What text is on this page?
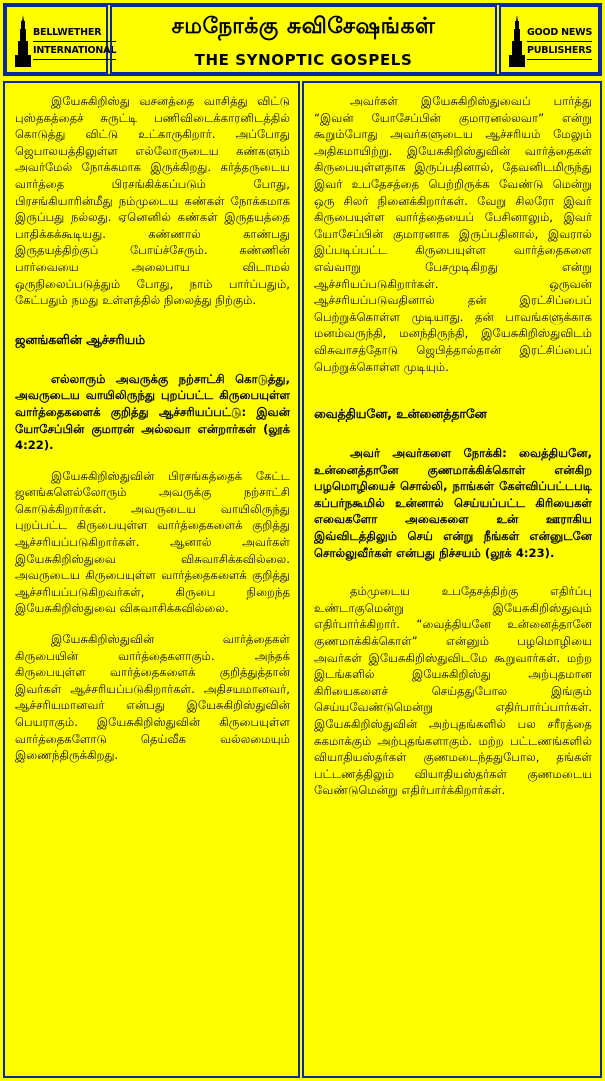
BELLWETHER
INTERNATIONAL
சமநோக்கு சுவிசேஷங்கள்
THE SYNOPTIC GOSPELS
GOOD NEWS
PUBLISHERS

இயேசுகிறிஸ்து வசனத்தை வாசித்து விட்டு புஸ்தகத்தைச் சுருட்டி பணிவிடைக்காரனிடத்தில் கொடுத்து விட்டு உட்காருகிறார். அப்போது ஜெபாலயத்திலுள்ள எல்லோருடைய கண்களும் அவர்மேல் நோக்கமாக இருக்கிறது. கர்த்தருடைய வார்த்தை பிரசங்கிக்கப்படும் போது, பிரசங்கியாரின்மீது நம்முடைய கண்கள் நோக்கமாக இருப்பது நல்லது. ஏனெனில் கண்கள் இருதயத்தை பாதிக்கக்கூடியது. கண்ணால் காண்பது இருதயத்திற்குப் போய்ச்சேரும். கண்ணின் பார்வையை அலைபாய விடாமல் ஒருநிலைப்படுத்தும் போது, நாம் பார்ப்பதும், கேட்பதும் நமது உள்ளத்தில் நிலைத்து நிற்கும்.

ஜனங்களின் ஆச்சரியம்

எல்லாரும் அவருக்கு நற்சாட்சி கொடுத்து, அவருடைய வாயிலிருந்து புறப்பட்ட கிருபையுள்ள வார்த்தைகளைக் குறித்து ஆச்சரியப்பட்டு: இவன் யோசேப்பின் குமாரன் அல்லவா என்றார்கள் (லூக் 4:22).

இயேசுகிறிஸ்துவின் பிரசங்கத்தைக் கேட்ட ஜனங்களெல்லோரும் அவருக்கு நற்சாட்சி கொடுக்கிறார்கள். அவருடைய வாயிலிருந்து புறப்பட்ட கிருபையுள்ள வார்த்தைகளைக் குறித்து ஆச்சரியப்படுகிறார்கள். ஆனால் அவர்கள் இயேசுகிறிஸ்துவை விசுவாசிக்கவில்லை. அவருடைய கிருபையுள்ள வார்த்தைகளைக் குறித்து ஆச்சரியப்படுகிறவர்கள், கிருபை நிறைந்த இயேசுகிறிஸ்துவை விசுவாசிக்கவில்லை.

இயேசுகிறிஸ்துவின் வார்த்தைகள் கிருபையின் வார்த்தைகளாகும். அந்தக் கிருபையுள்ள வார்த்தைகளைக் குறித்துத்தான் இவர்கள் ஆச்சரியப்படுகிறார்கள். அதிசயமானவர், ஆச்சரியமானவர் என்பது இயேசுகிறிஸ்துவின் பெயராகும். இயேசுகிறிஸ்துவின் கிருபையுள்ள வார்த்தைகளோடு தெய்வீக வல்லமையும் இணைந்திருக்கிறது.

அவர்கள் இயேசுகிறிஸ்துவைப் பார்த்து “இவன் யோசேப்பின் குமாரனல்லவா” என்று கூறும்போது அவர்களுடைய ஆச்சரியம் மேலும் அதிகமாயிற்று. இயேசுகிறிஸ்துவின் வார்த்தைகள் கிருபையுள்ளதாக இருப்பதினால், தேவனிடமிருந்து இவர் உபதேசத்தை பெற்றிருக்க வேண்டு மென்று ஒரு சிலர் நினைக்கிறார்கள். வேறு சிலரோ இவர் கிருபையுள்ள வார்த்தையைப் பேசினாலும், இவர் யோசேப்பின் குமாரனாக இருப்பதினால், இவரால் இப்படிப்பட்ட கிருபையுள்ள வார்த்தைகளை எவ்வாறு பேசமுடிகிறது என்று ஆச்சரியப்படுகிறார்கள். ஒருவன் ஆச்சரியப்படுவதினால் தன் இரட்சிப்பைப் பெற்றுக்கொள்ள முடியாது. தன் பாவங்களுக்காக மனம்வருந்தி, மனந்திருந்தி, இயேசுகிறிஸ்துவிடம் விசுவாசத்தோடு ஜெபித்தால்தான் இரட்சிப்பைப் பெற்றுக்கொள்ள முடியும்.

வைத்தியனே, உன்னைத்தானே

அவர் அவர்களை நோக்கி: வைத்தியனே, உன்னைத்தானே குணமாக்கிக்கொள் என்கிற பழமொழியைச் சொல்லி, நாங்கள் கேள்விப்பட்டபடி கப்பர்நகூமில் உன்னால் செய்யப்பட்ட கிரியைகள் எவைகளோ அவைகளை உன் ஊராகிய இவ்விடத்திலும் செய் என்று நீங்கள் என்னுடனே சொல்லுவீர்கள் என்பது நிச்சயம் (லூக் 4:23).

தம்முடைய உபதேசத்திற்கு எதிர்ப்பு உண்டாகுமென்று இயேசுகிறிஸ்துவும் எதிர்பார்க்கிறார். “வைத்தியனே உன்னைத்தானே குணமாக்கிக்கொள்” என்னும் பழமொழியை அவர்கள் இயேசுகிறிஸ்துவிடமே கூறுவார்கள். மற்ற இடங்களில் இயேசுகிறிஸ்து அற்புதமான கிரியைகளைச் செய்ததுபோல இங்கும் செய்யவேண்டுமென்று எதிர்பார்ப்பார்கள். இயேசுகிறிஸ்துவின் அற்புதங்களில் பல சரீரத்தை சுகமாக்கும் அற்புதங்களாகும். மற்ற பட்டணங்களில் வியாதியஸ்தர்கள் குணமடைந்ததுபோல, தங்கள் பட்டணத்திலும் வியாதியஸ்தர்கள் குணமடைய வேண்டுமென்று எதிர்பார்க்கிறார்கள்.
